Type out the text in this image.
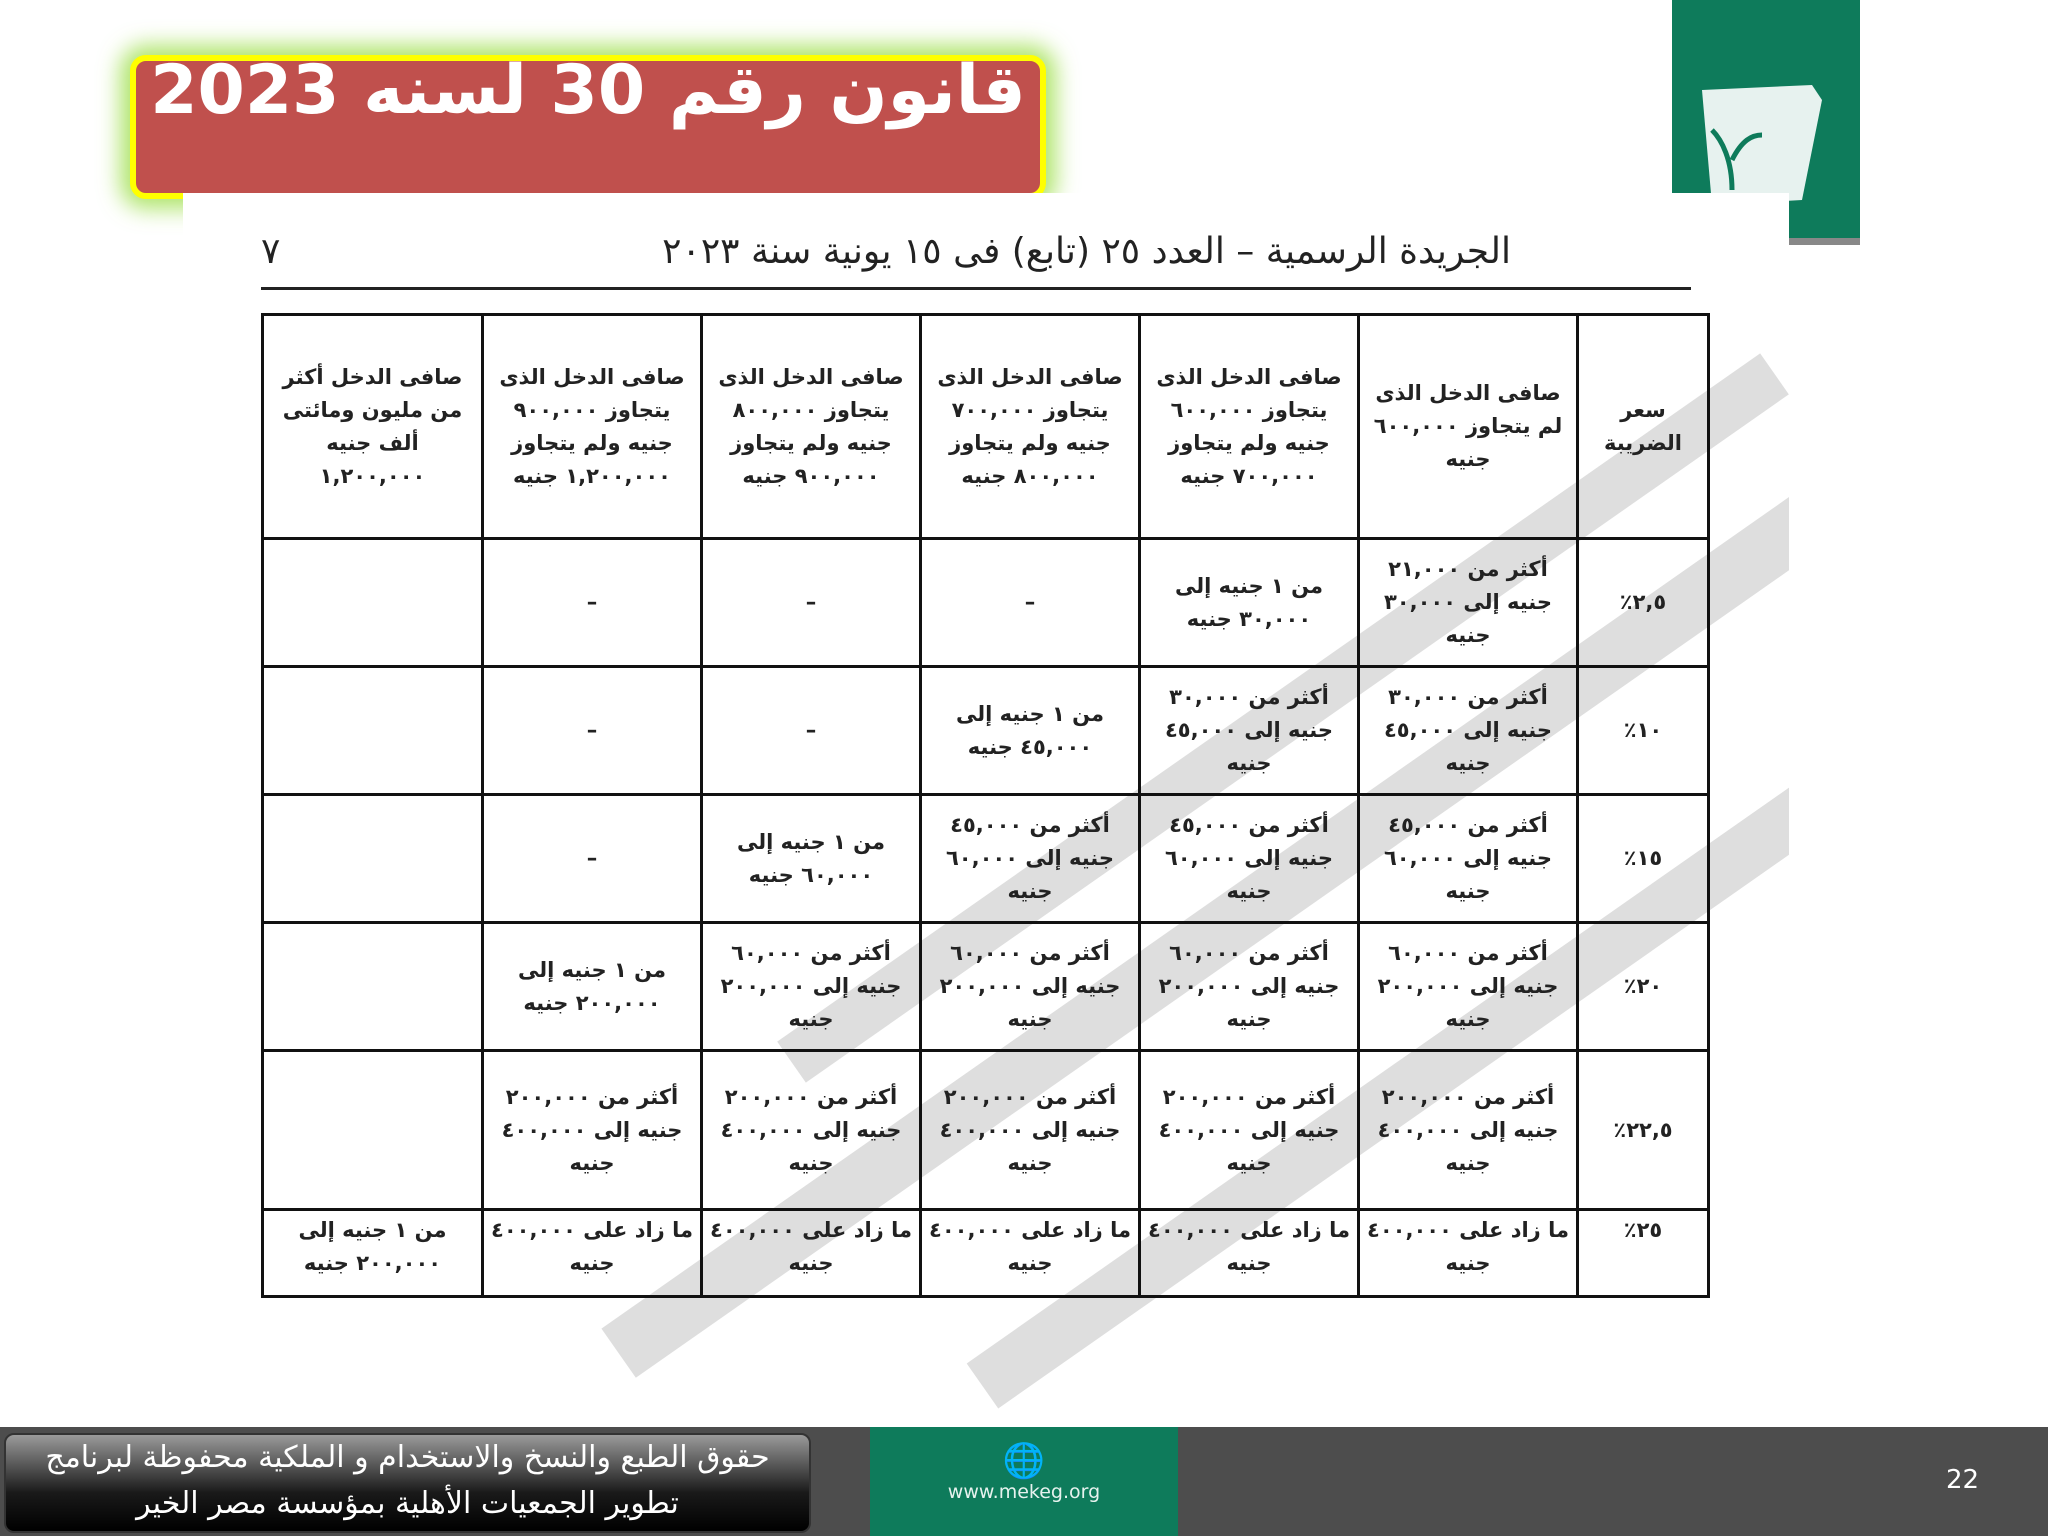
قانون رقم 30 لسنه 2023
الجريدة الرسمية – العدد ٢٥ (تابع) فى ١٥ يونية سنة ٢٠٢٣
٧
سعر الضريبة	صافى الدخل الذى لم يتجاوز ٦٠٠,٠٠٠ جنيه	صافى الدخل الذى يتجاوز ٦٠٠,٠٠٠ جنيه ولم يتجاوز ٧٠٠,٠٠٠ جنيه	صافى الدخل الذى يتجاوز ٧٠٠,٠٠٠ جنيه ولم يتجاوز ٨٠٠,٠٠٠ جنيه	صافى الدخل الذى يتجاوز ٨٠٠,٠٠٠ جنيه ولم يتجاوز ٩٠٠,٠٠٠ جنيه	صافى الدخل الذى يتجاوز ٩٠٠,٠٠٠ جنيه ولم يتجاوز ١,٢٠٠,٠٠٠ جنيه	صافى الدخل أكثر من مليون ومائتى ألف جنيه ١,٢٠٠,٠٠٠
٢,٥٪	أكثر من ٢١,٠٠٠ جنيه إلى ٣٠,٠٠٠ جنيه	من ١ جنيه إلى ٣٠,٠٠٠ جنيه	–	–	–	
١٠٪	أكثر من ٣٠,٠٠٠ جنيه إلى ٤٥,٠٠٠ جنيه	أكثر من ٣٠,٠٠٠ جنيه إلى ٤٥,٠٠٠ جنيه	من ١ جنيه إلى ٤٥,٠٠٠ جنيه	–	–	
١٥٪	أكثر من ٤٥,٠٠٠ جنيه إلى ٦٠,٠٠٠ جنيه	أكثر من ٤٥,٠٠٠ جنيه إلى ٦٠,٠٠٠ جنيه	أكثر من ٤٥,٠٠٠ جنيه إلى ٦٠,٠٠٠ جنيه	من ١ جنيه إلى ٦٠,٠٠٠ جنيه	–	
٢٠٪	أكثر من ٦٠,٠٠٠ جنيه إلى ٢٠٠,٠٠٠ جنيه	أكثر من ٦٠,٠٠٠ جنيه إلى ٢٠٠,٠٠٠ جنيه	أكثر من ٦٠,٠٠٠ جنيه إلى ٢٠٠,٠٠٠ جنيه	أكثر من ٦٠,٠٠٠ جنيه إلى ٢٠٠,٠٠٠ جنيه	من ١ جنيه إلى ٢٠٠,٠٠٠ جنيه	
٢٢,٥٪	أكثر من ٢٠٠,٠٠٠ جنيه إلى ٤٠٠,٠٠٠ جنيه	أكثر من ٢٠٠,٠٠٠ جنيه إلى ٤٠٠,٠٠٠ جنيه	أكثر من ٢٠٠,٠٠٠ جنيه إلى ٤٠٠,٠٠٠ جنيه	أكثر من ٢٠٠,٠٠٠ جنيه إلى ٤٠٠,٠٠٠ جنيه	أكثر من ٢٠٠,٠٠٠ جنيه إلى ٤٠٠,٠٠٠ جنيه	
٢٥٪	ما زاد على ٤٠٠,٠٠٠ جنيه	ما زاد على ٤٠٠,٠٠٠ جنيه	ما زاد على ٤٠٠,٠٠٠ جنيه	ما زاد على ٤٠٠,٠٠٠ جنيه	ما زاد على ٤٠٠,٠٠٠ جنيه	من ١ جنيه إلى ٢٠٠,٠٠٠ جنيه
حقوق الطبع والنسخ والاستخدام و الملكية محفوظة لبرنامج تطوير الجمعيات الأهلية بمؤسسة مصر الخير
🌐
www.mekeg.org	22
